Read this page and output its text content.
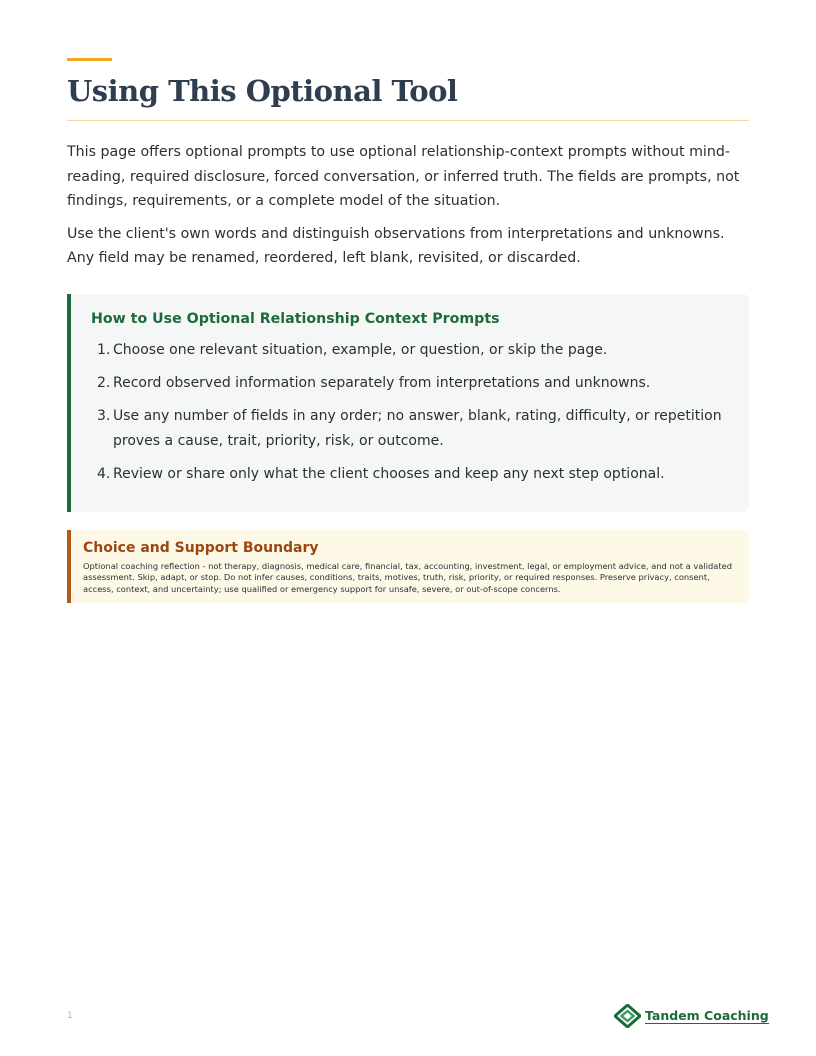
Using This Optional Tool

This page offers optional prompts to use optional relationship-context prompts without mind-reading, required disclosure, forced conversation, or inferred truth. The fields are prompts, not findings, requirements, or a complete model of the situation.

Use the client's own words and distinguish observations from interpretations and unknowns. Any field may be renamed, reordered, left blank, revisited, or discarded.

How to Use Optional Relationship Context Prompts
1. Choose one relevant situation, example, or question, or skip the page.
2. Record observed information separately from interpretations and unknowns.
3. Use any number of fields in any order; no answer, blank, rating, difficulty, or repetition proves a cause, trait, priority, risk, or outcome.
4. Review or share only what the client chooses and keep any next step optional.
Choice and Support Boundary

Optional coaching reflection - not therapy, diagnosis, medical care, financial, tax, accounting, investment, legal, or employment advice, and not a validated assessment. Skip, adapt, or stop. Do not infer causes, conditions, traits, motives, truth, risk, priority, or required responses. Preserve privacy, consent, access, context, and uncertainty; use qualified or emergency support for unsafe, severe, or out-of-scope concerns.

1	Tandem Coaching
